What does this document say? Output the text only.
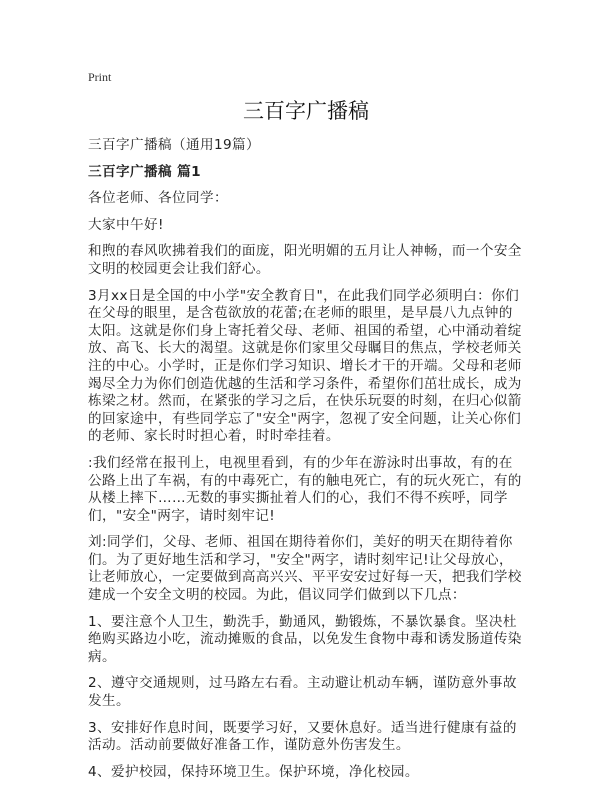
Print
三百字广播稿

三百字广播稿（通用19篇）

三百字广播稿 篇1

各位老师、各位同学：

大家中午好!

和煦的春风吹拂着我们的面庞，阳光明媚的五月让人神畅，而一个安全文明的校园更会让我们舒心。

3月xx日是全国的中小学"安全教育日"，在此我们同学必须明白：你们在父母的眼里，是含苞欲放的花蕾;在老师的眼里，是早晨八九点钟的太阳。这就是你们身上寄托着父母、老师、祖国的希望，心中涌动着绽放、高飞、长大的渴望。这就是你们家里父母瞩目的焦点，学校老师关注的中心。小学时，正是你们学习知识、增长才干的开端。父母和老师竭尽全力为你们创造优越的生活和学习条件，希望你们茁壮成长，成为栋梁之材。然而，在紧张的学习之后，在快乐玩耍的时刻，在归心似箭的回家途中，有些同学忘了"安全"两字，忽视了安全问题，让关心你们的老师、家长时时担心着，时时牵挂着。

:我们经常在报刊上，电视里看到，有的少年在游泳时出事故，有的在公路上出了车祸，有的中毒死亡，有的触电死亡，有的玩火死亡，有的从楼上摔下……无数的事实撕扯着人们的心，我们不得不疾呼，同学们，"安全"两字，请时刻牢记!

刘:同学们，父母、老师、祖国在期待着你们，美好的明天在期待着你们。为了更好地生活和学习，"安全"两字，请时刻牢记!让父母放心，让老师放心，一定要做到高高兴兴、平平安安过好每一天，把我们学校建成一个安全文明的校园。为此，倡议同学们做到以下几点：

1、要注意个人卫生，勤洗手，勤通风，勤锻炼，不暴饮暴食。坚决杜绝购买路边小吃，流动摊贩的食品，以免发生食物中毒和诱发肠道传染病。

2、遵守交通规则，过马路左右看。主动避让机动车辆，谨防意外事故发生。

3、安排好作息时间，既要学习好，又要休息好。适当进行健康有益的活动。活动前要做好准备工作，谨防意外伤害发生。

4、爱护校园，保持环境卫生。保护环境，净化校园。
